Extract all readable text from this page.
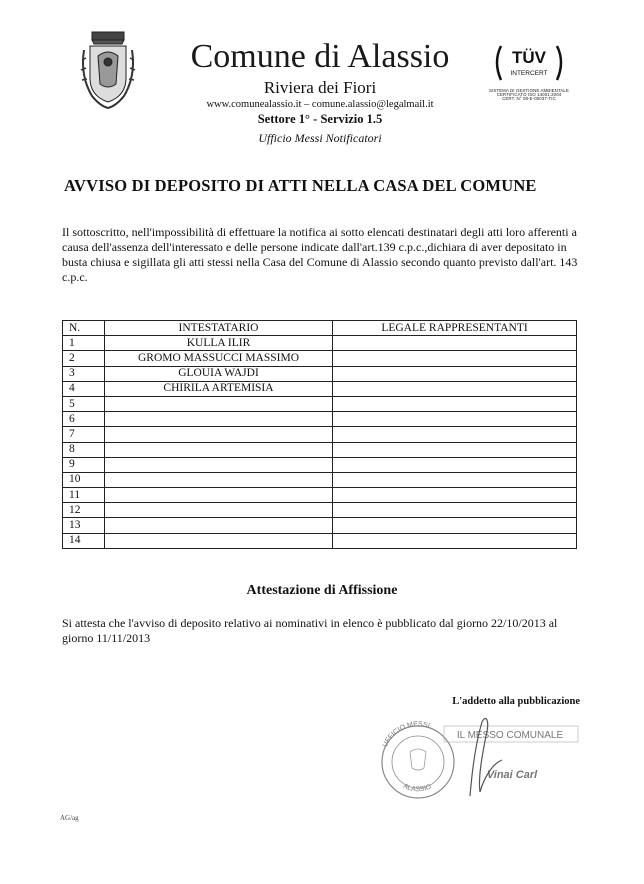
Comune di Alassio
Riviera dei Fiori
www.comunealassio.it – comune.alassio@legalmail.it
Settore 1° - Servizio 1.5
Ufficio Messi Notificatori
TÜV
INTERCERT
SISTEMA DI GESTIONE AMBIENTALE
CERTIFICATO ISO 14001:2004
CERT. N° 08-E-00037-TIC
AVVISO DI DEPOSITO DI ATTI NELLA CASA DEL COMUNE
Il sottoscritto, nell'impossibilità di effettuare la notifica ai sotto elencati destinatari degli atti loro afferenti a causa dell'assenza dell'interessato e delle persone indicate dall'art.139 c.p.c.,dichiara di aver depositato in busta chiusa e sigillata gli atti stessi nella Casa del Comune di Alassio secondo quanto previsto dall'art. 143 c.p.c.
N.	INTESTATARIO	LEGALE RAPPRESENTANTI
1	KULLA ILIR	
2	GROMO MASSUCCI MASSIMO	
3	GLOUIA WAJDI	
4	CHIRILA ARTEMISIA	
5		
6		
7		
8		
9		
10		
11		
12		
13		
14		
Attestazione di Affissione
Si attesta che l'avviso di deposito relativo ai nominativi in elenco è pubblicato dal giorno 22/10/2013 al giorno 11/11/2013
L'addetto alla pubblicazione
UFFICIO MESSI
ALASSIO
IL MESSO COMUNALE
Vinai Carl
AG/ag
